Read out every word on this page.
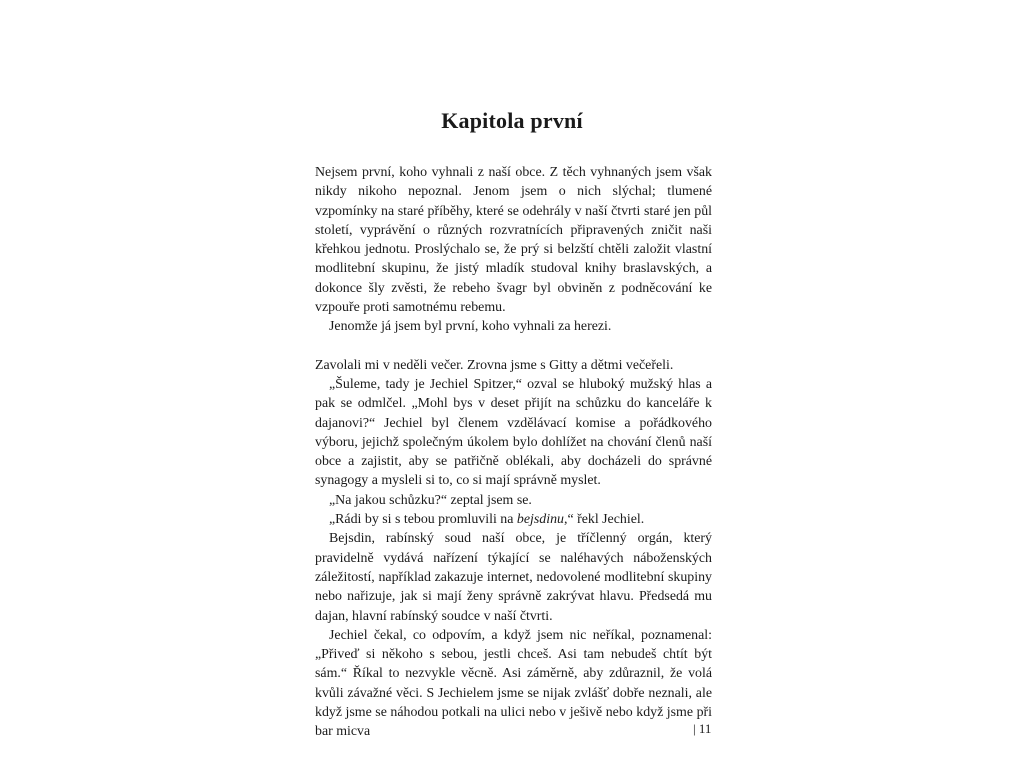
Kapitola první

Nejsem první, koho vyhnali z naší obce. Z těch vyhnaných jsem však nikdy nikoho nepoznal. Jenom jsem o nich slýchal; tlumené vzpomínky na staré příběhy, které se odehrály v naší čtvrti staré jen půl století, vyprávění o různých rozvratnících připravených zničit naši křehkou jednotu. Proslýchalo se, že prý si belzští chtěli založit vlastní modlitební skupinu, že jistý mladík studoval knihy braslavských, a dokonce šly zvěsti, že rebeho švagr byl obviněn z podněcování ke vzpouře proti samotnému rebemu.

Jenomže já jsem byl první, koho vyhnali za herezi.

Zavolali mi v neděli večer. Zrovna jsme s Gitty a dětmi večeřeli.

„Šuleme, tady je Jechiel Spitzer,“ ozval se hluboký mužský hlas a pak se odmlčel. „Mohl bys v deset přijít na schůzku do kanceláře k dajanovi?“ Jechiel byl členem vzdělávací komise a pořádkového výboru, jejichž společným úkolem bylo dohlížet na chování členů naší obce a zajistit, aby se patřičně oblékali, aby docházeli do správné synagogy a mysleli si to, co si mají správně myslet.

„Na jakou schůzku?“ zeptal jsem se.

„Rádi by si s tebou promluvili na bejsdinu,“ řekl Jechiel.

Bejsdin, rabínský soud naší obce, je tříčlenný orgán, který pravidelně vydává nařízení týkající se naléhavých náboženských záležitostí, například zakazuje internet, nedovolené modlitební skupiny nebo nařizuje, jak si mají ženy správně zakrývat hlavu. Předsedá mu dajan, hlavní rabínský soudce v naší čtvrti.

Jechiel čekal, co odpovím, a když jsem nic neříkal, poznamenal: „Přiveď si někoho s sebou, jestli chceš. Asi tam nebudeš chtít být sám.“ Říkal to nezvykle věcně. Asi záměrně, aby zdůraznil, že volá kvůli závažné věci. S Jechielem jsme se nijak zvlášť dobře neznali, ale když jsme se náhodou potkali na ulici nebo v ješivě nebo když jsme při bar micva	| 11
